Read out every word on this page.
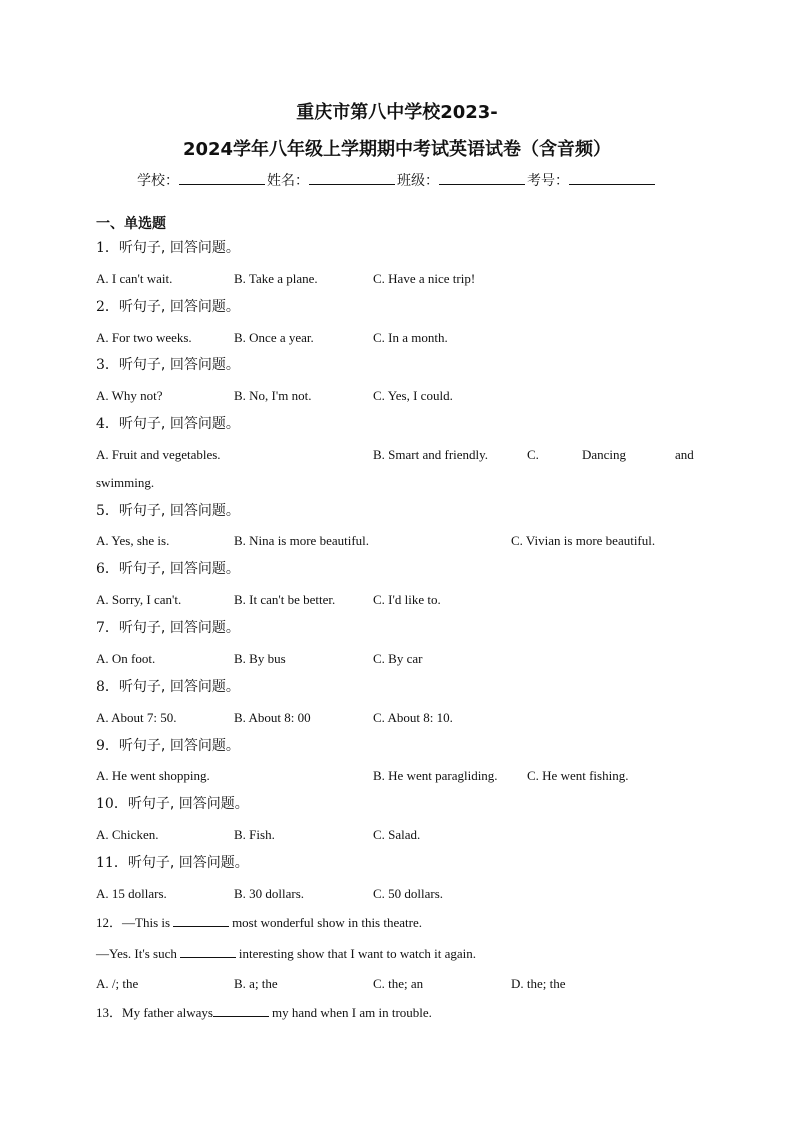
重庆市第八中学校2023-
2024学年八年级上学期期中考试英语试卷（含音频）
学校：	姓名：	班级：	考号：
一、单选题
1．听句子, 回答问题。
A. I can't wait.	B. Take a plane.	C. Have a nice trip!
2．听句子, 回答问题。
A. For two weeks.	B. Once a year.	C. In a month.
3．听句子, 回答问题。
A. Why not?	B. No, I'm not.	C. Yes, I could.
4．听句子, 回答问题。
A. Fruit and vegetables.	B. Smart and friendly.	C.	Dancing	and
swimming.
5．听句子, 回答问题。
A. Yes, she is.	B. Nina is more beautiful.	C. Vivian is more beautiful.
6．听句子, 回答问题。
A. Sorry, I can't.	B. It can't be better.	C. I'd like to.
7．听句子, 回答问题。
A. On foot.	B. By bus	C. By car
8．听句子, 回答问题。
A. About 7: 50.	B. About 8: 00	C. About 8: 10.
9．听句子, 回答问题。
A. He went shopping.	B. He went paragliding. C. He went fishing.
10．听句子, 回答问题。
A. Chicken.	B. Fish.	C. Salad.
11．听句子, 回答问题。
A. 15 dollars.	B. 30 dollars.	C. 50 dollars.
12．—This is	most wonderful show in this theatre.
—Yes. It's such	interesting show that I want to watch it again.
A. /; the	B. a; the	C. the; an	D. the; the
13．My father always	my hand when I am in trouble.
